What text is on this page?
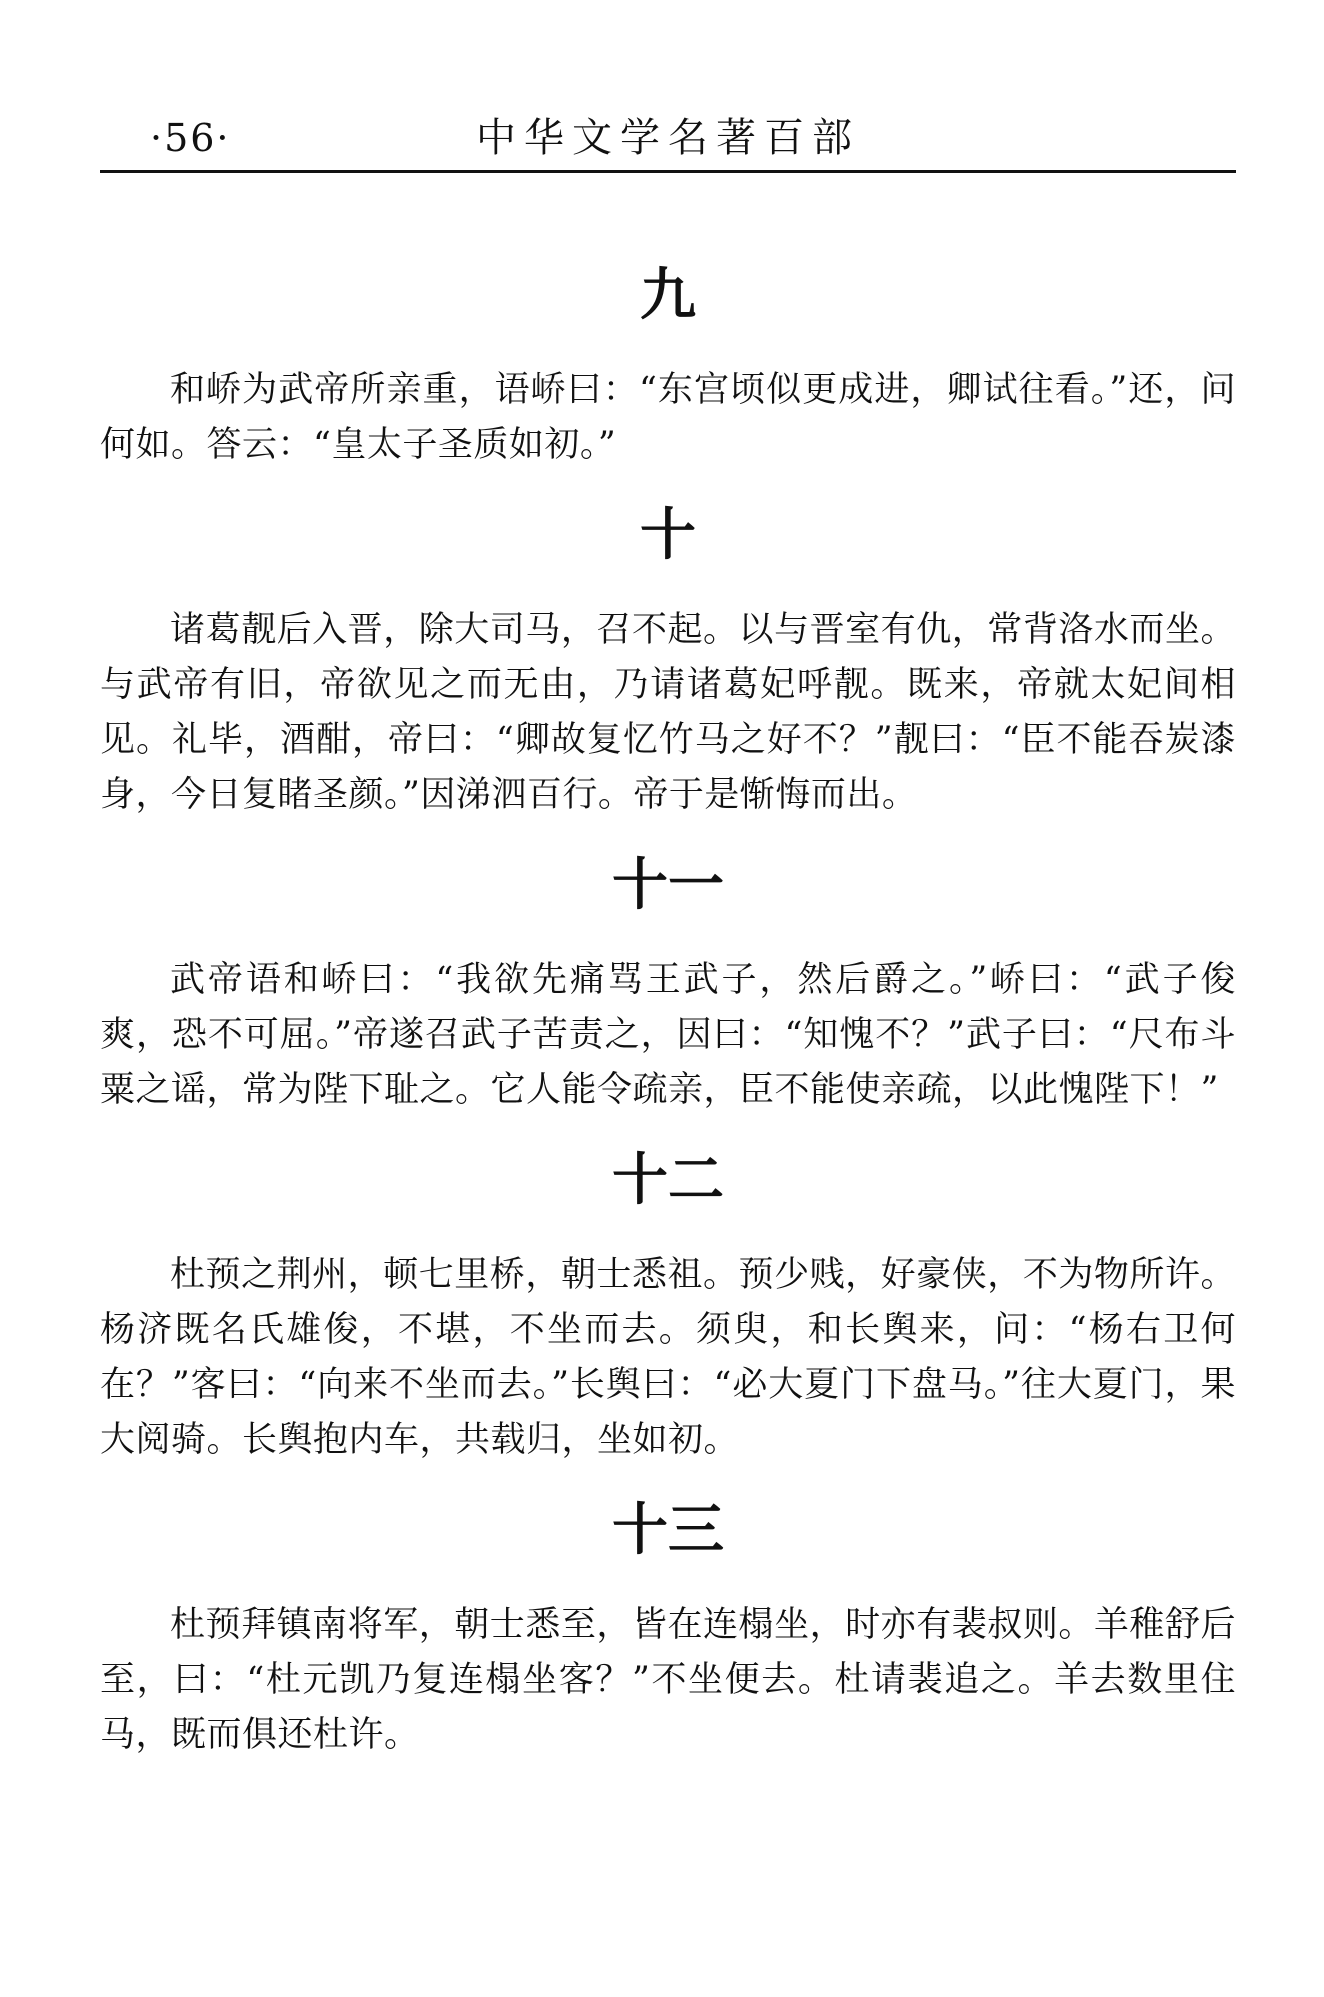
·56·	中华文学名著百部
九

和峤为武帝所亲重，语峤曰：“东宫顷似更成进，卿试往看。”还，问何如。答云：“皇太子圣质如初。”

十

诸葛靓后入晋，除大司马，召不起。以与晋室有仇，常背洛水而坐。与武帝有旧，帝欲见之而无由，乃请诸葛妃呼靓。既来，帝就太妃间相见。礼毕，酒酣，帝曰：“卿故复忆竹马之好不？”靓曰：“臣不能吞炭漆身，今日复睹圣颜。”因涕泗百行。帝于是惭悔而出。

十一

武帝语和峤曰：“我欲先痛骂王武子，然后爵之。”峤曰：“武子俊爽，恐不可屈。”帝遂召武子苦责之，因曰：“知愧不？”武子曰：“尺布斗粟之谣，常为陛下耻之。它人能令疏亲，臣不能使亲疏，以此愧陛下！”

十二

杜预之荆州，顿七里桥，朝士悉祖。预少贱，好豪侠，不为物所许。杨济既名氏雄俊，不堪，不坐而去。须臾，和长舆来，问：“杨右卫何在？”客曰：“向来不坐而去。”长舆曰：“必大夏门下盘马。”往大夏门，果大阅骑。长舆抱内车，共载归，坐如初。

十三

杜预拜镇南将军，朝士悉至，皆在连榻坐，时亦有裴叔则。羊稚舒后至，曰：“杜元凯乃复连榻坐客？”不坐便去。杜请裴追之。羊去数里住马，既而俱还杜许。
